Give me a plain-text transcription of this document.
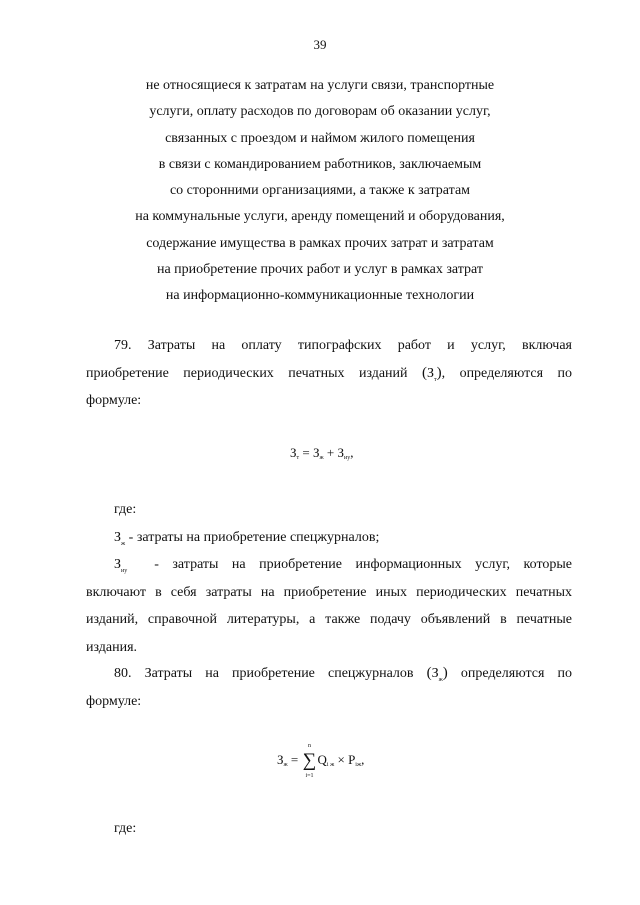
39
не относящиеся к затратам на услуги связи, транспортные
услуги, оплату расходов по договорам об оказании услуг,
связанных с проездом и наймом жилого помещения
в связи с командированием работников, заключаемым
со сторонними организациями, а также к затратам
на коммунальные услуги, аренду помещений и оборудования,
содержание имущества в рамках прочих затрат и затратам
на приобретение прочих работ и услуг в рамках затрат
на информационно-коммуникационные технологии
79. Затраты на оплату типографских работ и услуг, включая
приобретение периодических печатных изданий $(З_т)$, определяются по
формуле:
$З_т = З_ж + З_{иу}$,
где:
$З_ж$ - затраты на приобретение спецжурналов;
$З_{иу}$ - затраты на приобретение информационных услуг, которые
включают в себя затраты на приобретение иных периодических печатных
изданий, справочной литературы, а также подачу объявлений в печатные
издания.
80. Затраты на приобретение спецжурналов $(З_ж)$ определяются по
формуле:
$З_ж$ =
n
∑
i=1
$Q_{i ж} \times P_{iж}$,
где:
